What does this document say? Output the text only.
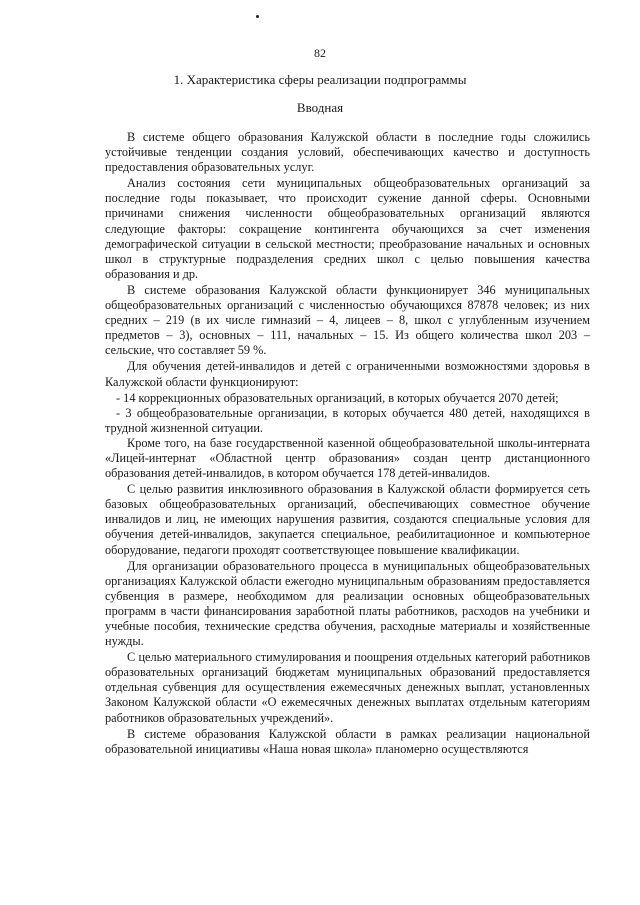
82
1. Характеристика сферы реализации подпрограммы
Вводная

В системе общего образования Калужской области в последние годы сложились устойчивые тенденции создания условий, обеспечивающих качество и доступность предоставления образовательных услуг.

Анализ состояния сети муниципальных общеобразовательных организаций за последние годы показывает, что происходит сужение данной сферы. Основными причинами снижения численности общеобразовательных организаций являются следующие факторы: сокращение контингента обучающихся за счет изменения демографической ситуации в сельской местности; преобразование начальных и основных школ в структурные подразделения средних школ с целью повышения качества образования и др.

В системе образования Калужской области функционирует 346 муниципальных общеобразовательных организаций с численностью обучающихся 87878 человек; из них средних – 219 (в их числе гимназий – 4, лицеев – 8, школ с углубленным изучением предметов – 3), основных – 111, начальных – 15. Из общего количества школ 203 – сельские, что составляет 59 %.

Для обучения детей-инвалидов и детей с ограниченными возможностями здоровья в Калужской области функционируют:

- 14 коррекционных образовательных организаций, в которых обучается 2070 детей;

- 3 общеобразовательные организации, в которых обучается 480 детей, находящихся в трудной жизненной ситуации.

Кроме того, на базе государственной казенной общеобразовательной школы-интерната «Лицей-интернат «Областной центр образования» создан центр дистанционного образования детей-инвалидов, в котором обучается 178 детей-инвалидов.

С целью развития инклюзивного образования в Калужской области формируется сеть базовых общеобразовательных организаций, обеспечивающих совместное обучение инвалидов и лиц, не имеющих нарушения развития, создаются специальные условия для обучения детей-инвалидов, закупается специальное, реабилитационное и компьютерное оборудование, педагоги проходят соответствующее повышение квалификации.

Для организации образовательного процесса в муниципальных общеобразовательных организациях Калужской области ежегодно муниципальным образованиям предоставляется субвенция в размере, необходимом для реализации основных общеобразовательных программ в части финансирования заработной платы работников, расходов на учебники и учебные пособия, технические средства обучения, расходные материалы и хозяйственные нужды.

С целью материального стимулирования и поощрения отдельных категорий работников образовательных организаций бюджетам муниципальных образований предоставляется отдельная субвенция для осуществления ежемесячных денежных выплат, установленных Законом Калужской области «О ежемесячных денежных выплатах отдельным категориям работников образовательных учреждений».

В системе образования Калужской области в рамках реализации национальной образовательной инициативы «Наша новая школа» планомерно осуществляются
